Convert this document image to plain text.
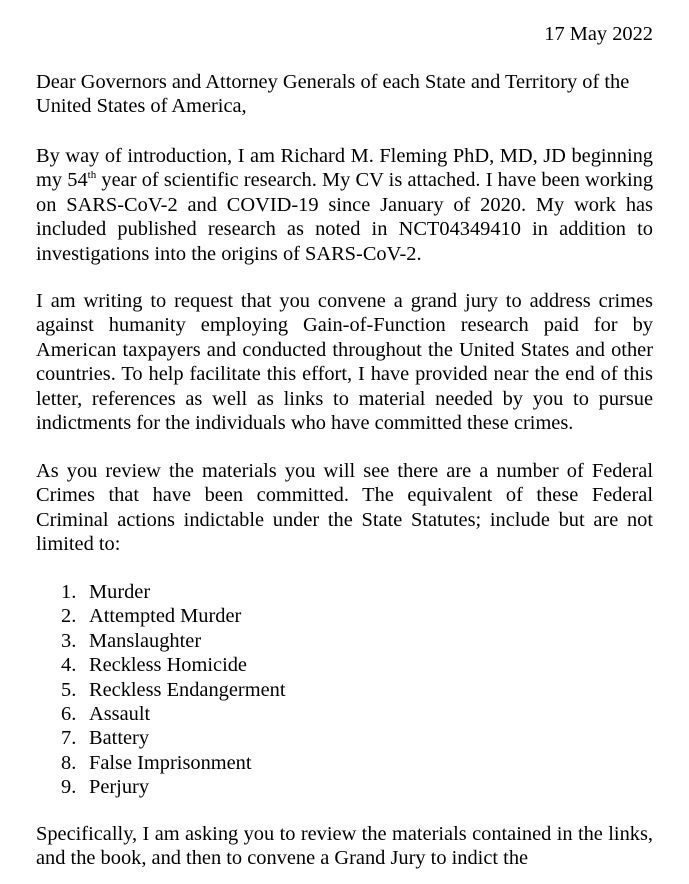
17 May 2022

Dear Governors and Attorney Generals of each State and Territory of the United States of America,

By way of introduction, I am Richard M. Fleming PhD, MD, JD beginning my 54th year of scientific research. My CV is attached. I have been working on SARS-CoV-2 and COVID-19 since January of 2020. My work has included published research as noted in NCT04349410 in addition to investigations into the origins of SARS-CoV-2.

I am writing to request that you convene a grand jury to address crimes against humanity employing Gain-of-Function research paid for by American taxpayers and conducted throughout the United States and other countries. To help facilitate this effort, I have provided near the end of this letter, references as well as links to material needed by you to pursue indictments for the individuals who have committed these crimes.

As you review the materials you will see there are a number of Federal Crimes that have been committed. The equivalent of these Federal Criminal actions indictable under the State Statutes; include but are not limited to:

1. Murder
2. Attempted Murder
3. Manslaughter
4. Reckless Homicide
5. Reckless Endangerment
6. Assault
7. Battery
8. False Imprisonment
9. Perjury

Specifically, I am asking you to review the materials contained in the links, and the book, and then to convene a Grand Jury to indict the
